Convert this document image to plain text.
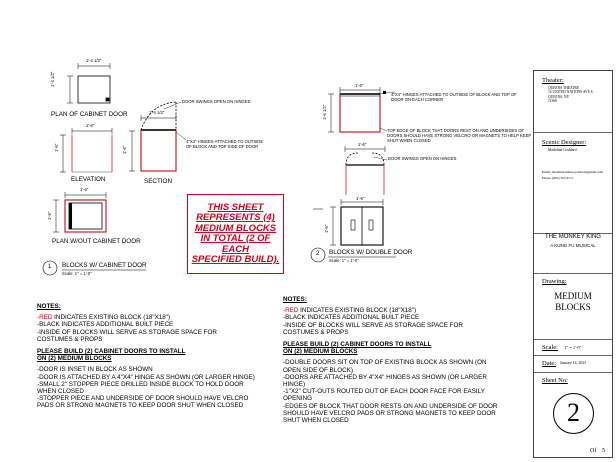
1'-4 1/2"
1'-4 1/2"
PLAN OF CABINET DOOR
1'-6"
1'-6"
ELEVATION
1'-4 1/2"
1'-6"
SECTION
DOOR SWINGS OPEN ON HINGES
4"X4" HINGES ATTACHED TO OUTSIDE OF BLOCK AND TOP SIDE OF DOOR
1'-6"
1'-6"
PLAN W/OUT CABINET DOOR
1 BLOCKS W/ CABINET DOOR
Scale: 1" = 1'-0"
1'-6"
1'-6 1/2"
4"X4" HINGES ATTACHED TO OUTSIDE OF BLOCK AND TOP OF DOOR ON EACH CORNER
TOP EDGE OF BLOCK THAT DOORS REST ON AND UNDERSIDES OF DOORS SHOULD HAVE STRONG VELCRO OR MAGNETS TO HELP KEEP SHUT WHEN CLOSED
1'-6"
DOOR SWINGS OPEN ON HINGES
1'-6"
1'-6"
2 BLOCKS W/ DOUBLE DOOR
Scale: 1" = 1'-0"
THIS SHEET
REPRESENTS (4)
MEDIUM BLOCKS
IN TOTAL (2 OF EACH
SPECIFIED BUILD).
NOTES:
-RED INDICATES EXISTING BLOCK (18"X18")
-BLACK INDICATES ADDITIONAL BUILT PIECE
-INSIDE OF BLOCKS WILL SERVE AS STORAGE SPACE FOR
COSTUMES & PROPS
PLEASE BUILD (2) CABINET DOORS TO INSTALL
ON (2) MEDIUM BLOCKS
-DOOR IS INSET IN BLOCK AS SHOWN
-DOOR IS ATTACHED BY A 4"X4" HINGE AS SHOWN (OR LARGER HINGE)
-SMALL 2" STOPPER PIECE DRILLED INSIDE BLOCK TO HOLD DOOR
WHEN CLOSED
-STOPPER PIECE AND UNDERSIDE OF DOOR SHOULD HAVE VELCRO
PADS OR STRONG MAGNETS TO KEEP DOOR SHUT WHEN CLOSED
NOTES:
-RED INDICATES EXISTING BLOCK (18"X18")
-BLACK INDICATES ADDITIONAL BUILT PIECE
-INSIDE OF BLOCKS WILL SERVE AS STORAGE SPACE FOR
COSTUMES & PROPS
PLEASE BUILD (2) CABINET DOORS TO INSTALL
ON (2) MEDIUM BLOCKS
-DOUBLE DOORS SIT ON TOP OF EXISTING BLOCK AS SHOWN (ON
OPEN SIDE OF BLOCK)
-DOORS ARE ATTACHED BY 4"X4" HINGES AS SHOWN (OR LARGER
HINGE)
-1"X2" CUT-OUTS ROUTED OUT OF EACH DOOR FACE FOR EASILY
OPENING
-EDGES OF BLOCK THAT DOOR RESTS ON AND UNDERSIDE OF DOOR
SHOULD HAVE VELCRO PADS OR STRONG MAGNETS TO KEEP DOOR
SHUT WHEN CLOSED
Theater:
QUEENS THEATRE
14 UNITED NATIONS AVE S
QUEENS, NY
11368
Scenic Designer:
Madeline Goddard
Email: madeline.maine.goddard@gmail.com
Phone: (862) 505-6717
THE MONKEY KING
A KUNG FU MUSICAL
Drawing:
MEDIUM
BLOCKS
Scale: 1" = 1'-0"
Date: January 14, 2023
Sheet No:
2
Of 5
